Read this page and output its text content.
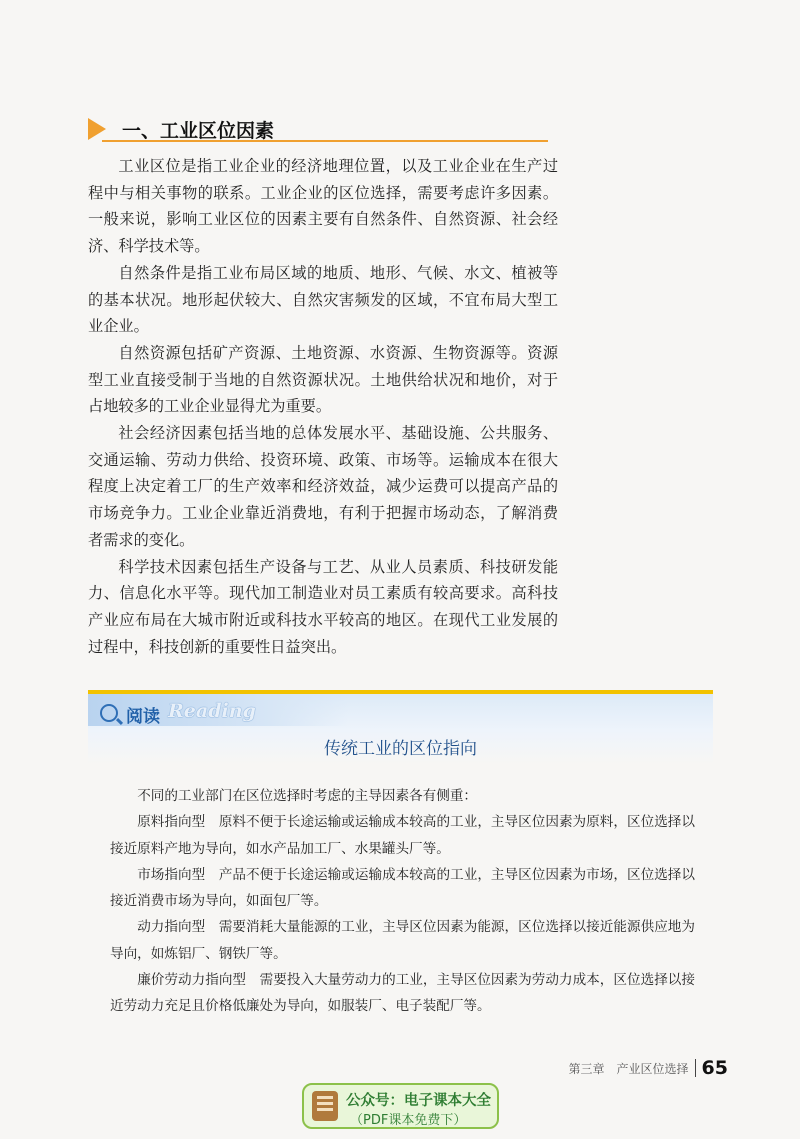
一、工业区位因素

工业区位是指工业企业的经济地理位置，以及工业企业在生产过程中与相关事物的联系。工业企业的区位选择，需要考虑许多因素。一般来说，影响工业区位的因素主要有自然条件、自然资源、社会经济、科学技术等。

自然条件是指工业布局区域的地质、地形、气候、水文、植被等的基本状况。地形起伏较大、自然灾害频发的区域，不宜布局大型工业企业。

自然资源包括矿产资源、土地资源、水资源、生物资源等。资源型工业直接受制于当地的自然资源状况。土地供给状况和地价，对于占地较多的工业企业显得尤为重要。

社会经济因素包括当地的总体发展水平、基础设施、公共服务、交通运输、劳动力供给、投资环境、政策、市场等。运输成本在很大程度上决定着工厂的生产效率和经济效益，减少运费可以提高产品的市场竞争力。工业企业靠近消费地，有利于把握市场动态，了解消费者需求的变化。

科学技术因素包括生产设备与工艺、从业人员素质、科技研发能力、信息化水平等。现代加工制造业对员工素质有较高要求。高科技产业应布局在大城市附近或科技水平较高的地区。在现代工业发展的过程中，科技创新的重要性日益突出。

阅读 Reading
传统工业的区位指向

不同的工业部门在区位选择时考虑的主导因素各有侧重：

原料指向型 原料不便于长途运输或运输成本较高的工业，主导区位因素为原料，区位选择以接近原料产地为导向，如水产品加工厂、水果罐头厂等。

市场指向型 产品不便于长途运输或运输成本较高的工业，主导区位因素为市场，区位选择以接近消费市场为导向，如面包厂等。

动力指向型 需要消耗大量能源的工业，主导区位因素为能源，区位选择以接近能源供应地为导向，如炼铝厂、钢铁厂等。

廉价劳动力指向型 需要投入大量劳动力的工业，主导区位因素为劳动力成本，区位选择以接近劳动力充足且价格低廉处为导向，如服装厂、电子装配厂等。

第三章　产业区位选择 65
公众号：电子课本大全
（PDF课本免费下）
